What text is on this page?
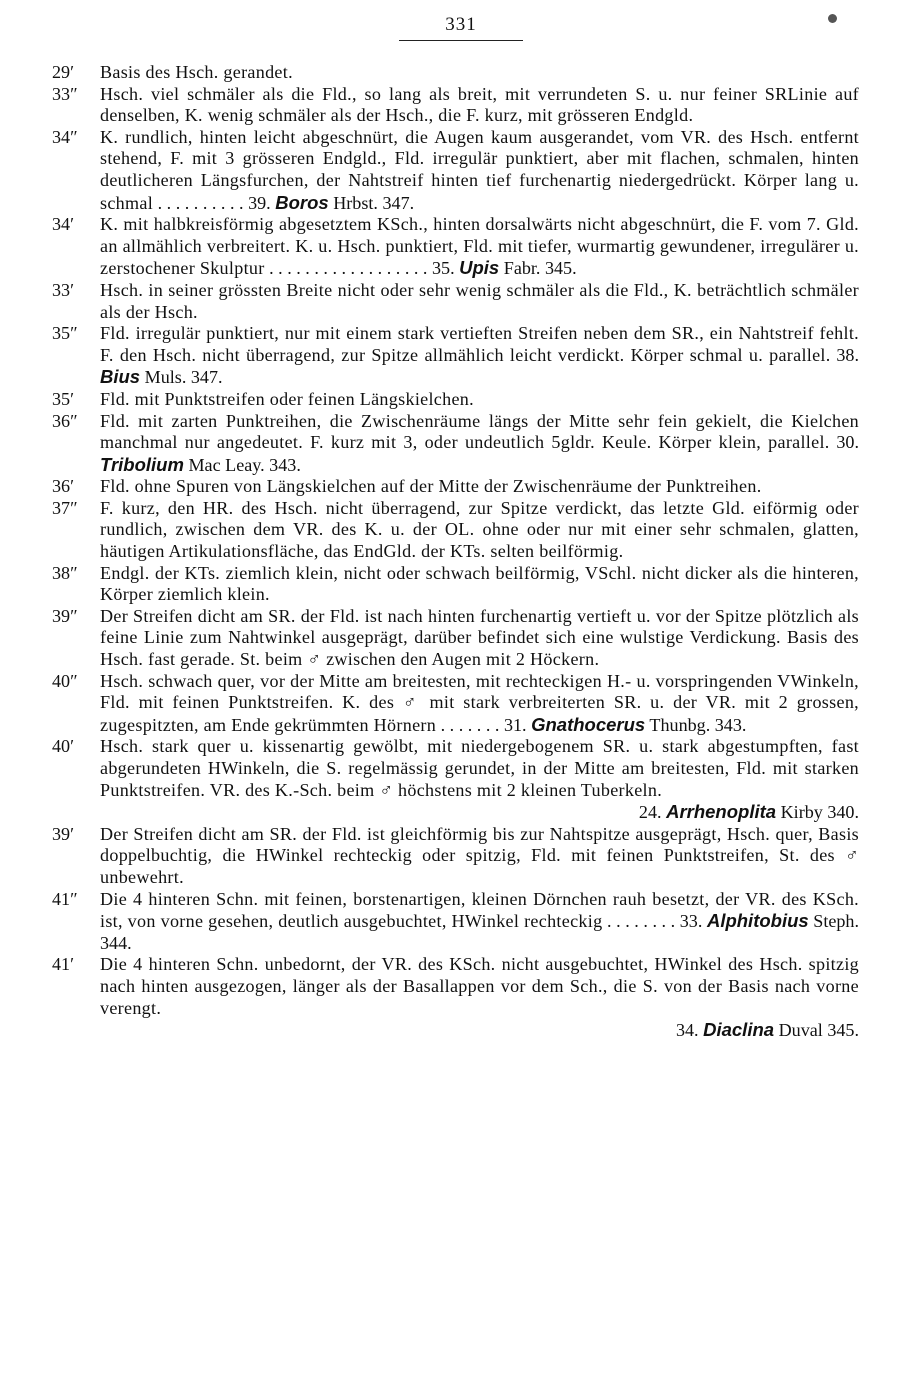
331

29′ Basis des Hsch. gerandet.

33″ Hsch. viel schmäler als die Fld., so lang als breit, mit verrundeten S. u. nur feiner SRLinie auf denselben, K. wenig schmäler als der Hsch., die F. kurz, mit grösseren Endgld.

34″ K. rundlich, hinten leicht abgeschnürt, die Augen kaum ausgerandet, vom VR. des Hsch. entfernt stehend, F. mit 3 grösseren Endgld., Fld. irregulär punktiert, aber mit flachen, schmalen, hinten deutlicheren Längsfurchen, der Nahtstreif hinten tief furchenartig niedergedrückt. Körper lang u. schmal . . . . . . . . . . 39. Boros Hrbst. 347.

34′ K. mit halbkreisförmig abgesetztem KSch., hinten dorsalwärts nicht abgeschnürt, die F. vom 7. Gld. an allmählich verbreitert. K. u. Hsch. punktiert, Fld. mit tiefer, wurmartig gewundener, irregulärer u. zerstochener Skulptur . . . . . . . . . . . . . . . . . . 35. Upis Fabr. 345.

33′ Hsch. in seiner grössten Breite nicht oder sehr wenig schmäler als die Fld., K. beträchtlich schmäler als der Hsch.

35″ Fld. irregulär punktiert, nur mit einem stark vertieften Streifen neben dem SR., ein Nahtstreif fehlt. F. den Hsch. nicht überragend, zur Spitze allmählich leicht verdickt. Körper schmal u. parallel. 38. Bius Muls. 347.

35′ Fld. mit Punktstreifen oder feinen Längskielchen.

36″ Fld. mit zarten Punktreihen, die Zwischenräume längs der Mitte sehr fein gekielt, die Kielchen manchmal nur angedeutet. F. kurz mit 3, oder undeutlich 5gldr. Keule. Körper klein, parallel. 30. Tribolium Mac Leay. 343.

36′ Fld. ohne Spuren von Längskielchen auf der Mitte der Zwischenräume der Punktreihen.

37″ F. kurz, den HR. des Hsch. nicht überragend, zur Spitze verdickt, das letzte Gld. eiförmig oder rundlich, zwischen dem VR. des K. u. der OL. ohne oder nur mit einer sehr schmalen, glatten, häutigen Artikulationsfläche, das EndGld. der KTs. selten beilförmig.

38″ Endgl. der KTs. ziemlich klein, nicht oder schwach beilförmig, VSchl. nicht dicker als die hinteren, Körper ziemlich klein.

39″ Der Streifen dicht am SR. der Fld. ist nach hinten furchenartig vertieft u. vor der Spitze plötzlich als feine Linie zum Nahtwinkel ausgeprägt, darüber befindet sich eine wulstige Verdickung. Basis des Hsch. fast gerade. St. beim ♂ zwischen den Augen mit 2 Höckern.

40″ Hsch. schwach quer, vor der Mitte am breitesten, mit rechteckigen H.- u. vorspringenden VWinkeln, Fld. mit feinen Punktstreifen. K. des ♂ mit stark verbreiterten SR. u. der VR. mit 2 grossen, zugespitzten, am Ende gekrümmten Hörnern . . . . . . . 31. Gnathocerus Thunbg. 343.

40′ Hsch. stark quer u. kissenartig gewölbt, mit niedergebogenem SR. u. stark abgestumpften, fast abgerundeten HWinkeln, die S. regelmässig gerundet, in der Mitte am breitesten, Fld. mit starken Punktstreifen. VR. des K.-Sch. beim ♂ höchstens mit 2 kleinen Tuberkeln.
24. Arrhenoplita Kirby 340.

39′ Der Streifen dicht am SR. der Fld. ist gleichförmig bis zur Nahtspitze ausgeprägt, Hsch. quer, Basis doppelbuchtig, die HWinkel rechteckig oder spitzig, Fld. mit feinen Punktstreifen, St. des ♂ unbewehrt.

41″ Die 4 hinteren Schn. mit feinen, borstenartigen, kleinen Dörnchen rauh besetzt, der VR. des KSch. ist, von vorne gesehen, deutlich ausgebuchtet, HWinkel rechteckig . . . . . . . . 33. Alphitobius Steph. 344.

41′ Die 4 hinteren Schn. unbedornt, der VR. des KSch. nicht ausgebuchtet, HWinkel des Hsch. spitzig nach hinten ausgezogen, länger als der Basallappen vor dem Sch., die S. von der Basis nach vorne verengt.
34. Diaclina Duval 345.
